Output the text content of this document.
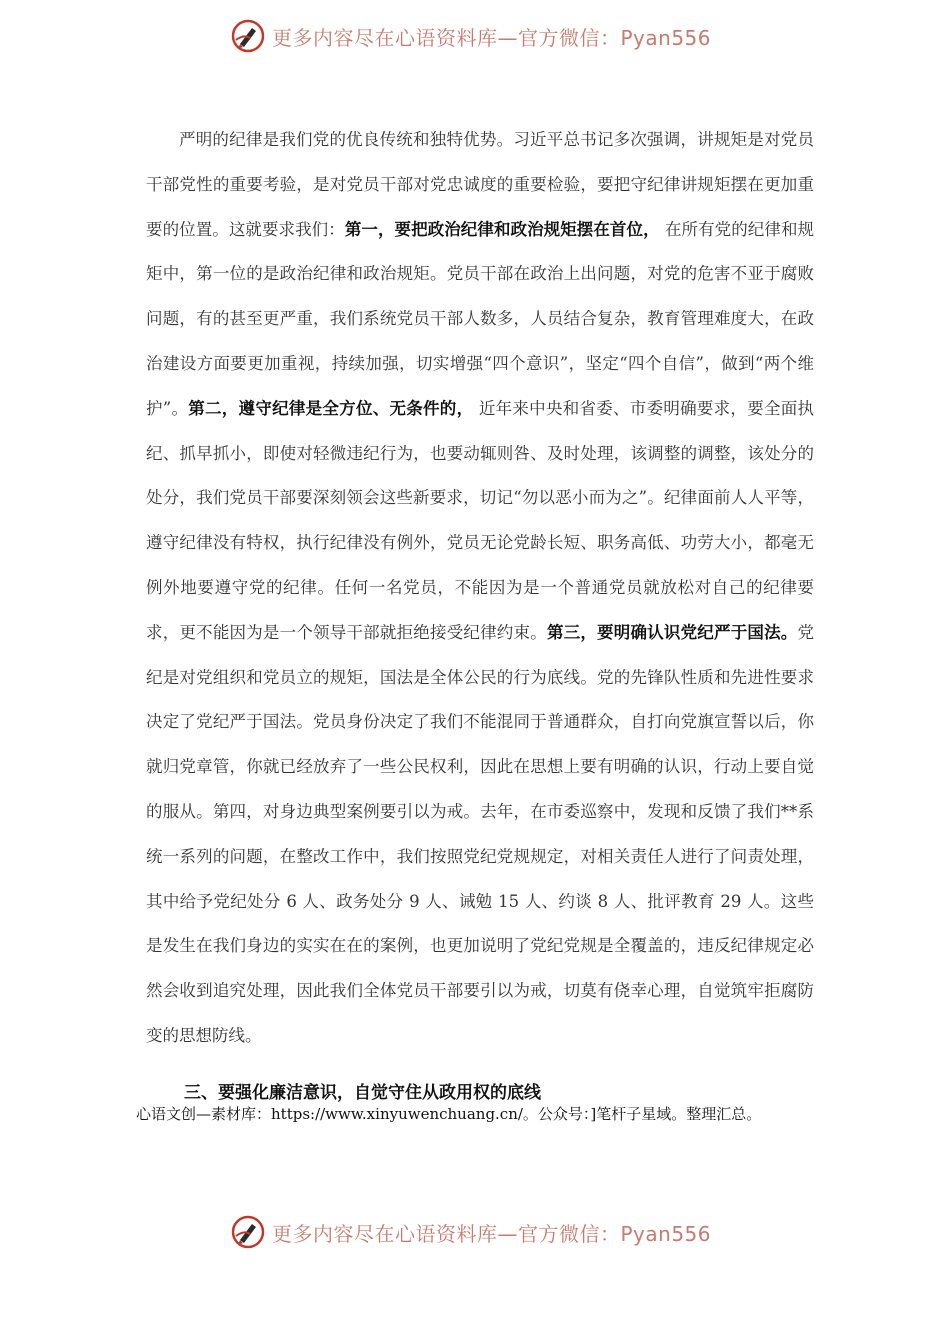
更多内容尽在心语资料库—官方微信：Pyan556

严明的纪律是我们党的优良传统和独特优势。习近平总书记多次强调，讲规矩是对党员干部党性的重要考验，是对党员干部对党忠诚度的重要检验，要把守纪律讲规矩摆在更加重要的位置。这就要求我们：第一，要把政治纪律和政治规矩摆在首位， 在所有党的纪律和规矩中，第一位的是政治纪律和政治规矩。党员干部在政治上出问题，对党的危害不亚于腐败问题，有的甚至更严重，我们系统党员干部人数多，人员结合复杂，教育管理难度大，在政治建设方面要更加重视，持续加强，切实增强“四个意识”，坚定“四个自信”，做到“两个维护”。第二，遵守纪律是全方位、无条件的， 近年来中央和省委、市委明确要求，要全面执纪、抓早抓小，即使对轻微违纪行为，也要动辄则咎、及时处理，该调整的调整，该处分的处分，我们党员干部要深刻领会这些新要求，切记“勿以恶小而为之”。纪律面前人人平等，遵守纪律没有特权，执行纪律没有例外，党员无论党龄长短、职务高低、功劳大小，都毫无例外地要遵守党的纪律。任何一名党员，不能因为是一个普通党员就放松对自己的纪律要求，更不能因为是一个领导干部就拒绝接受纪律约束。第三，要明确认识党纪严于国法。党纪是对党组织和党员立的规矩，国法是全体公民的行为底线。党的先锋队性质和先进性要求决定了党纪严于国法。党员身份决定了我们不能混同于普通群众，自打向党旗宣誓以后，你就归党章管，你就已经放弃了一些公民权利，因此在思想上要有明确的认识，行动上要自觉的服从。第四，对身边典型案例要引以为戒。去年，在市委巡察中，发现和反馈了我们**系统一系列的问题，在整改工作中，我们按照党纪党规规定，对相关责任人进行了问责处理，其中给予党纪处分 6 人、政务处分 9 人、诫勉 15 人、约谈 8 人、批评教育 29 人。这些是发生在我们身边的实实在在的案例，也更加说明了党纪党规是全覆盖的，违反纪律规定必然会收到追究处理，因此我们全体党员干部要引以为戒，切莫有侥幸心理，自觉筑牢拒腐防变的思想防线。

三、要强化廉洁意识，自觉守住从政用权的底线
心语文创—素材库：https://www.xinyuwenchuang.cn/。公众号：]笔杆子星域。整理汇总。
更多内容尽在心语资料库—官方微信：Pyan556
